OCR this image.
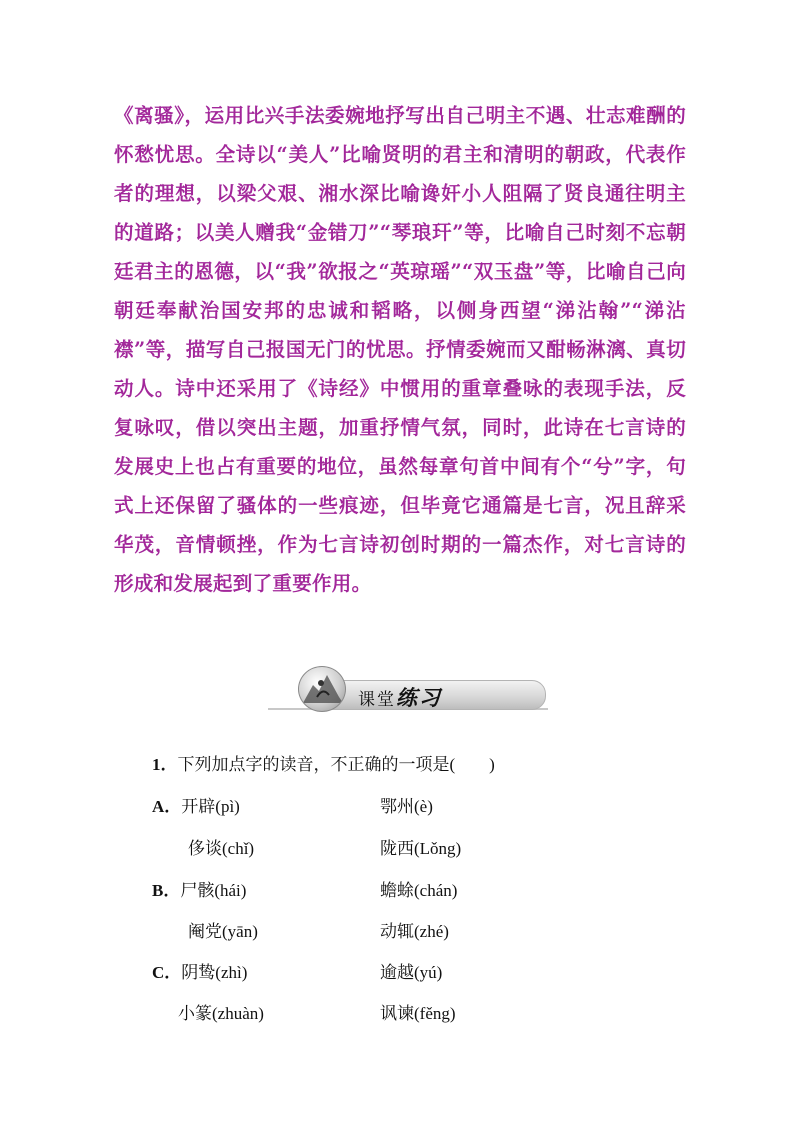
《离骚》，运用比兴手法委婉地抒写出自己明主不遇、壮志难酬的怀愁忧思。全诗以“美人”比喻贤明的君主和清明的朝政，代表作者的理想，以梁父艰、湘水深比喻谗奸小人阻隔了贤良通往明主的道路；以美人赠我“金错刀”“琴琅玕”等，比喻自己时刻不忘朝廷君主的恩德，以“我”欲报之“英琼瑶”“双玉盘”等，比喻自己向朝廷奉献治国安邦的忠诚和韬略，以侧身西望“涕沾翰”“涕沾襟”等，描写自己报国无门的忧思。抒情委婉而又酣畅淋漓、真切动人。诗中还采用了《诗经》中惯用的重章叠咏的表现手法，反复咏叹，借以突出主题，加重抒情气氛，同时，此诗在七言诗的发展史上也占有重要的地位，虽然每章句首中间有个“兮”字，句式上还保留了骚体的一些痕迹，但毕竟它通篇是七言，况且辞采华茂，音情顿挫，作为七言诗初创时期的一篇杰作，对七言诗的形成和发展起到了重要作用。

课堂练习
1．下列加点字的读音，不正确的一项是(　　)
A．开辟(pì)	鄂州(è)
侈谈(chǐ)	陇西(Lǒng)
B．尸骸(hái)	蟾蜍(chán)
阉党(yān)	动辄(zhé)
C．阴鸷(zhì)	逾越(yú)
小篆(zhuàn)	讽谏(fěng)
